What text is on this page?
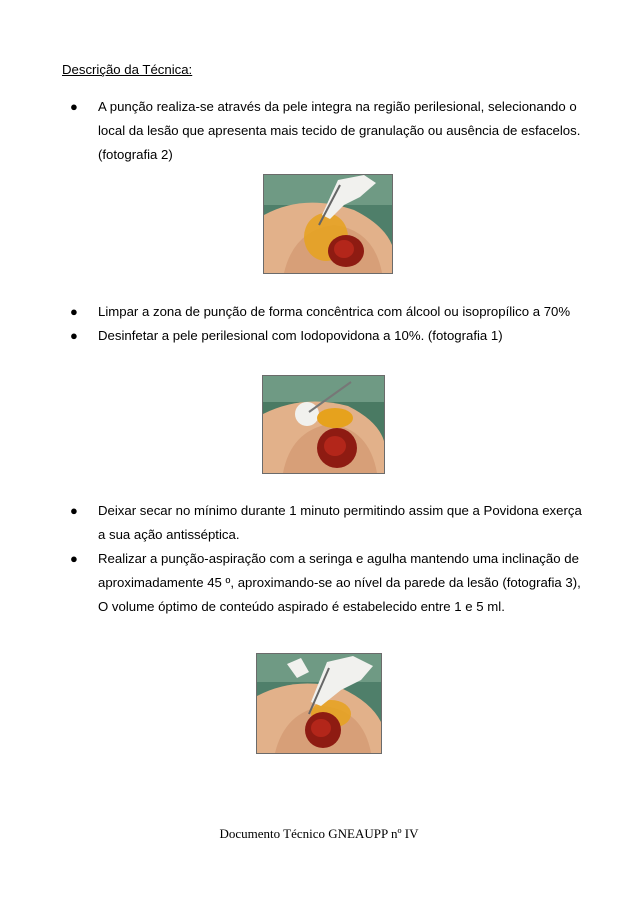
Descrição da Técnica:
● A punção realiza-se através da pele integra na região perilesional, selecionando o local da lesão que apresenta mais tecido de granulação ou ausência de esfacelos. (fotografia 2)
● Limpar a zona de punção de forma concêntrica com álcool ou isopropílico a 70%
● Desinfetar a pele perilesional com Iodopovidona a 10%. (fotografia 1)
● Deixar secar no mínimo durante 1 minuto permitindo assim que a Povidona exerça a sua ação antisséptica.
● Realizar a punção-aspiração com a seringa e agulha mantendo uma inclinação de aproximadamente 45 º, aproximando-se ao nível da parede da lesão (fotografia 3), O volume óptimo de conteúdo aspirado é estabelecido entre 1 e 5 ml.
Documento Técnico GNEAUPP nº IV
